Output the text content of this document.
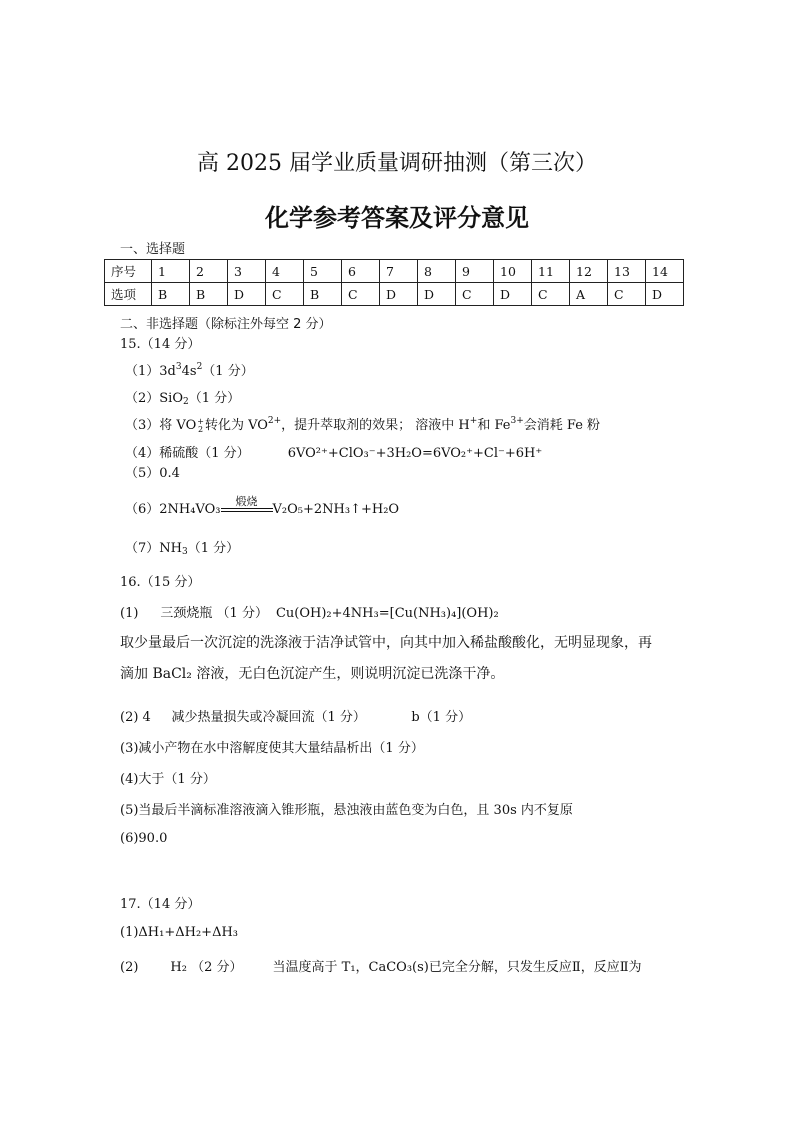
高 2025 届学业质量调研抽测（第三次）
化学参考答案及评分意见
一、选择题
序号	1	2	3	4	5	6	7	8	9	10	11	12	13	14
选项	B	B	D	C	B	C	D	D	C	D	C	A	C	D
二、非选择题（除标注外每空 2 分）
15.（14 分）
$(1)3d^34s^2(1$ 分）
（2）SiO$_2$（1 分）
（3）将 VO+
2 转化为 $VO^{2+}$，提升萃取剂的效果； 溶液中 H+和 $Fe^{3+}$会消耗 Fe 粉
（4）稀硫酸（1 分）	6VO²⁺+ClO₃⁻+3H₂O=6VO₂⁺+Cl⁻+6H⁺
（5）0.4
（6）2NH₄VO₃
煅烧
V₂O₅+2NH₃↑+H₂O
$(7)NH_3(1$ 分）
16.（15 分）
(1) 三颈烧瓶 （1 分） Cu(OH)₂+4NH₃=[Cu(NH₃)₄](OH)₂
取少量最后一次沉淀的洗涤液于洁净试管中，向其中加入稀盐酸酸化，无明显现象，再
滴加 BaCl₂ 溶液，无白色沉淀产生，则说明沉淀已洗涤干净。
(2) 4     减少热量损失或冷凝回流（1 分）           b（1 分）
(3)减小产物在水中溶解度使其大量结晶析出（1 分）
(4)大于（1 分）
(5)当最后半滴标准溶液滴入锥形瓶，悬浊液由蓝色变为白色，且 30s 内不复原
(6)90.0
17.（14 分）
(1)ΔH₁+ΔH₂+ΔH₃
(2) H₂ （2 分） 当温度高于 T₁，CaCO₃(s)已完全分解，只发生反应Ⅱ，反应Ⅱ为
